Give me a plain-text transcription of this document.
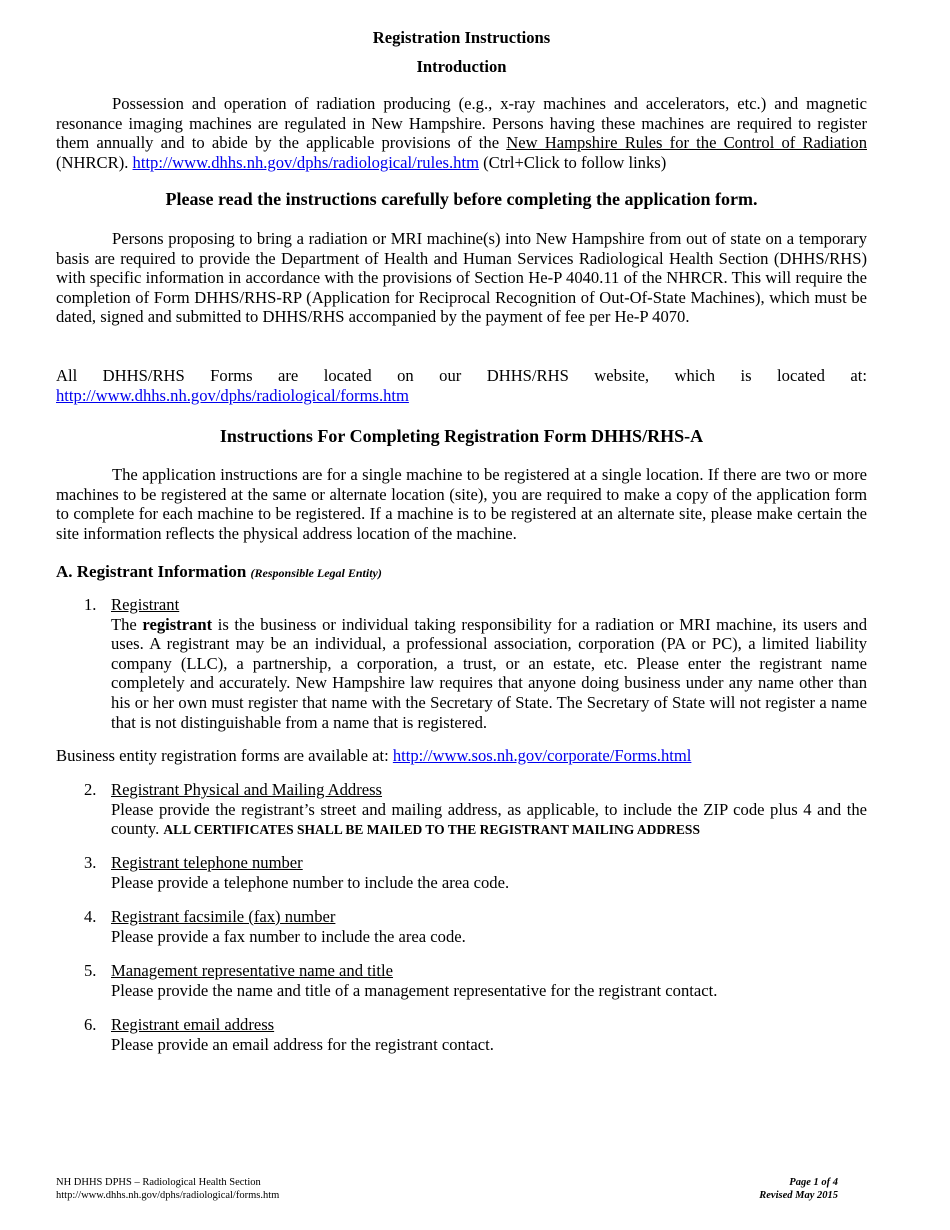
Registration Instructions
Introduction
Possession and operation of radiation producing (e.g., x-ray machines and accelerators, etc.) and magnetic resonance imaging machines are regulated in New Hampshire. Persons having these machines are required to register them annually and to abide by the applicable provisions of the New Hampshire Rules for the Control of Radiation (NHRCR). http://www.dhhs.nh.gov/dphs/radiological/rules.htm (Ctrl+Click to follow links)
Please read the instructions carefully before completing the application form.
Persons proposing to bring a radiation or MRI machine(s) into New Hampshire from out of state on a temporary basis are required to provide the Department of Health and Human Services Radiological Health Section (DHHS/RHS) with specific information in accordance with the provisions of Section He-P 4040.11 of the NHRCR. This will require the completion of Form DHHS/RHS-RP (Application for Reciprocal Recognition of Out-Of-State Machines), which must be dated, signed and submitted to DHHS/RHS accompanied by the payment of fee per He-P 4070.
All DHHS/RHS Forms are located on our DHHS/RHS website, which is located at:
http://www.dhhs.nh.gov/dphs/radiological/forms.htm
Instructions For Completing Registration Form DHHS/RHS-A
The application instructions are for a single machine to be registered at a single location. If there are two or more machines to be registered at the same or alternate location (site), you are required to make a copy of the application form to complete for each machine to be registered. If a machine is to be registered at an alternate site, please make certain the site information reflects the physical address location of the machine.
A. Registrant Information (Responsible Legal Entity)
1. Registrant
The registrant is the business or individual taking responsibility for a radiation or MRI machine, its users and uses. A registrant may be an individual, a professional association, corporation (PA or PC), a limited liability company (LLC), a partnership, a corporation, a trust, or an estate, etc. Please enter the registrant name completely and accurately. New Hampshire law requires that anyone doing business under any name other than his or her own must register that name with the Secretary of State. The Secretary of State will not register a name that is not distinguishable from a name that is registered.
Business entity registration forms are available at: http://www.sos.nh.gov/corporate/Forms.html
2. Registrant Physical and Mailing Address
Please provide the registrant’s street and mailing address, as applicable, to include the ZIP code plus 4 and the county. ALL CERTIFICATES SHALL BE MAILED TO THE REGISTRANT MAILING ADDRESS
3. Registrant telephone number
Please provide a telephone number to include the area code.
4. Registrant facsimile (fax) number
Please provide a fax number to include the area code.
5. Management representative name and title
Please provide the name and title of a management representative for the registrant contact.
6. Registrant email address
Please provide an email address for the registrant contact.
NH DHHS DPHS – Radiological Health Section
http://www.dhhs.nh.gov/dphs/radiological/forms.htm
Page 1 of 4
Revised May 2015
